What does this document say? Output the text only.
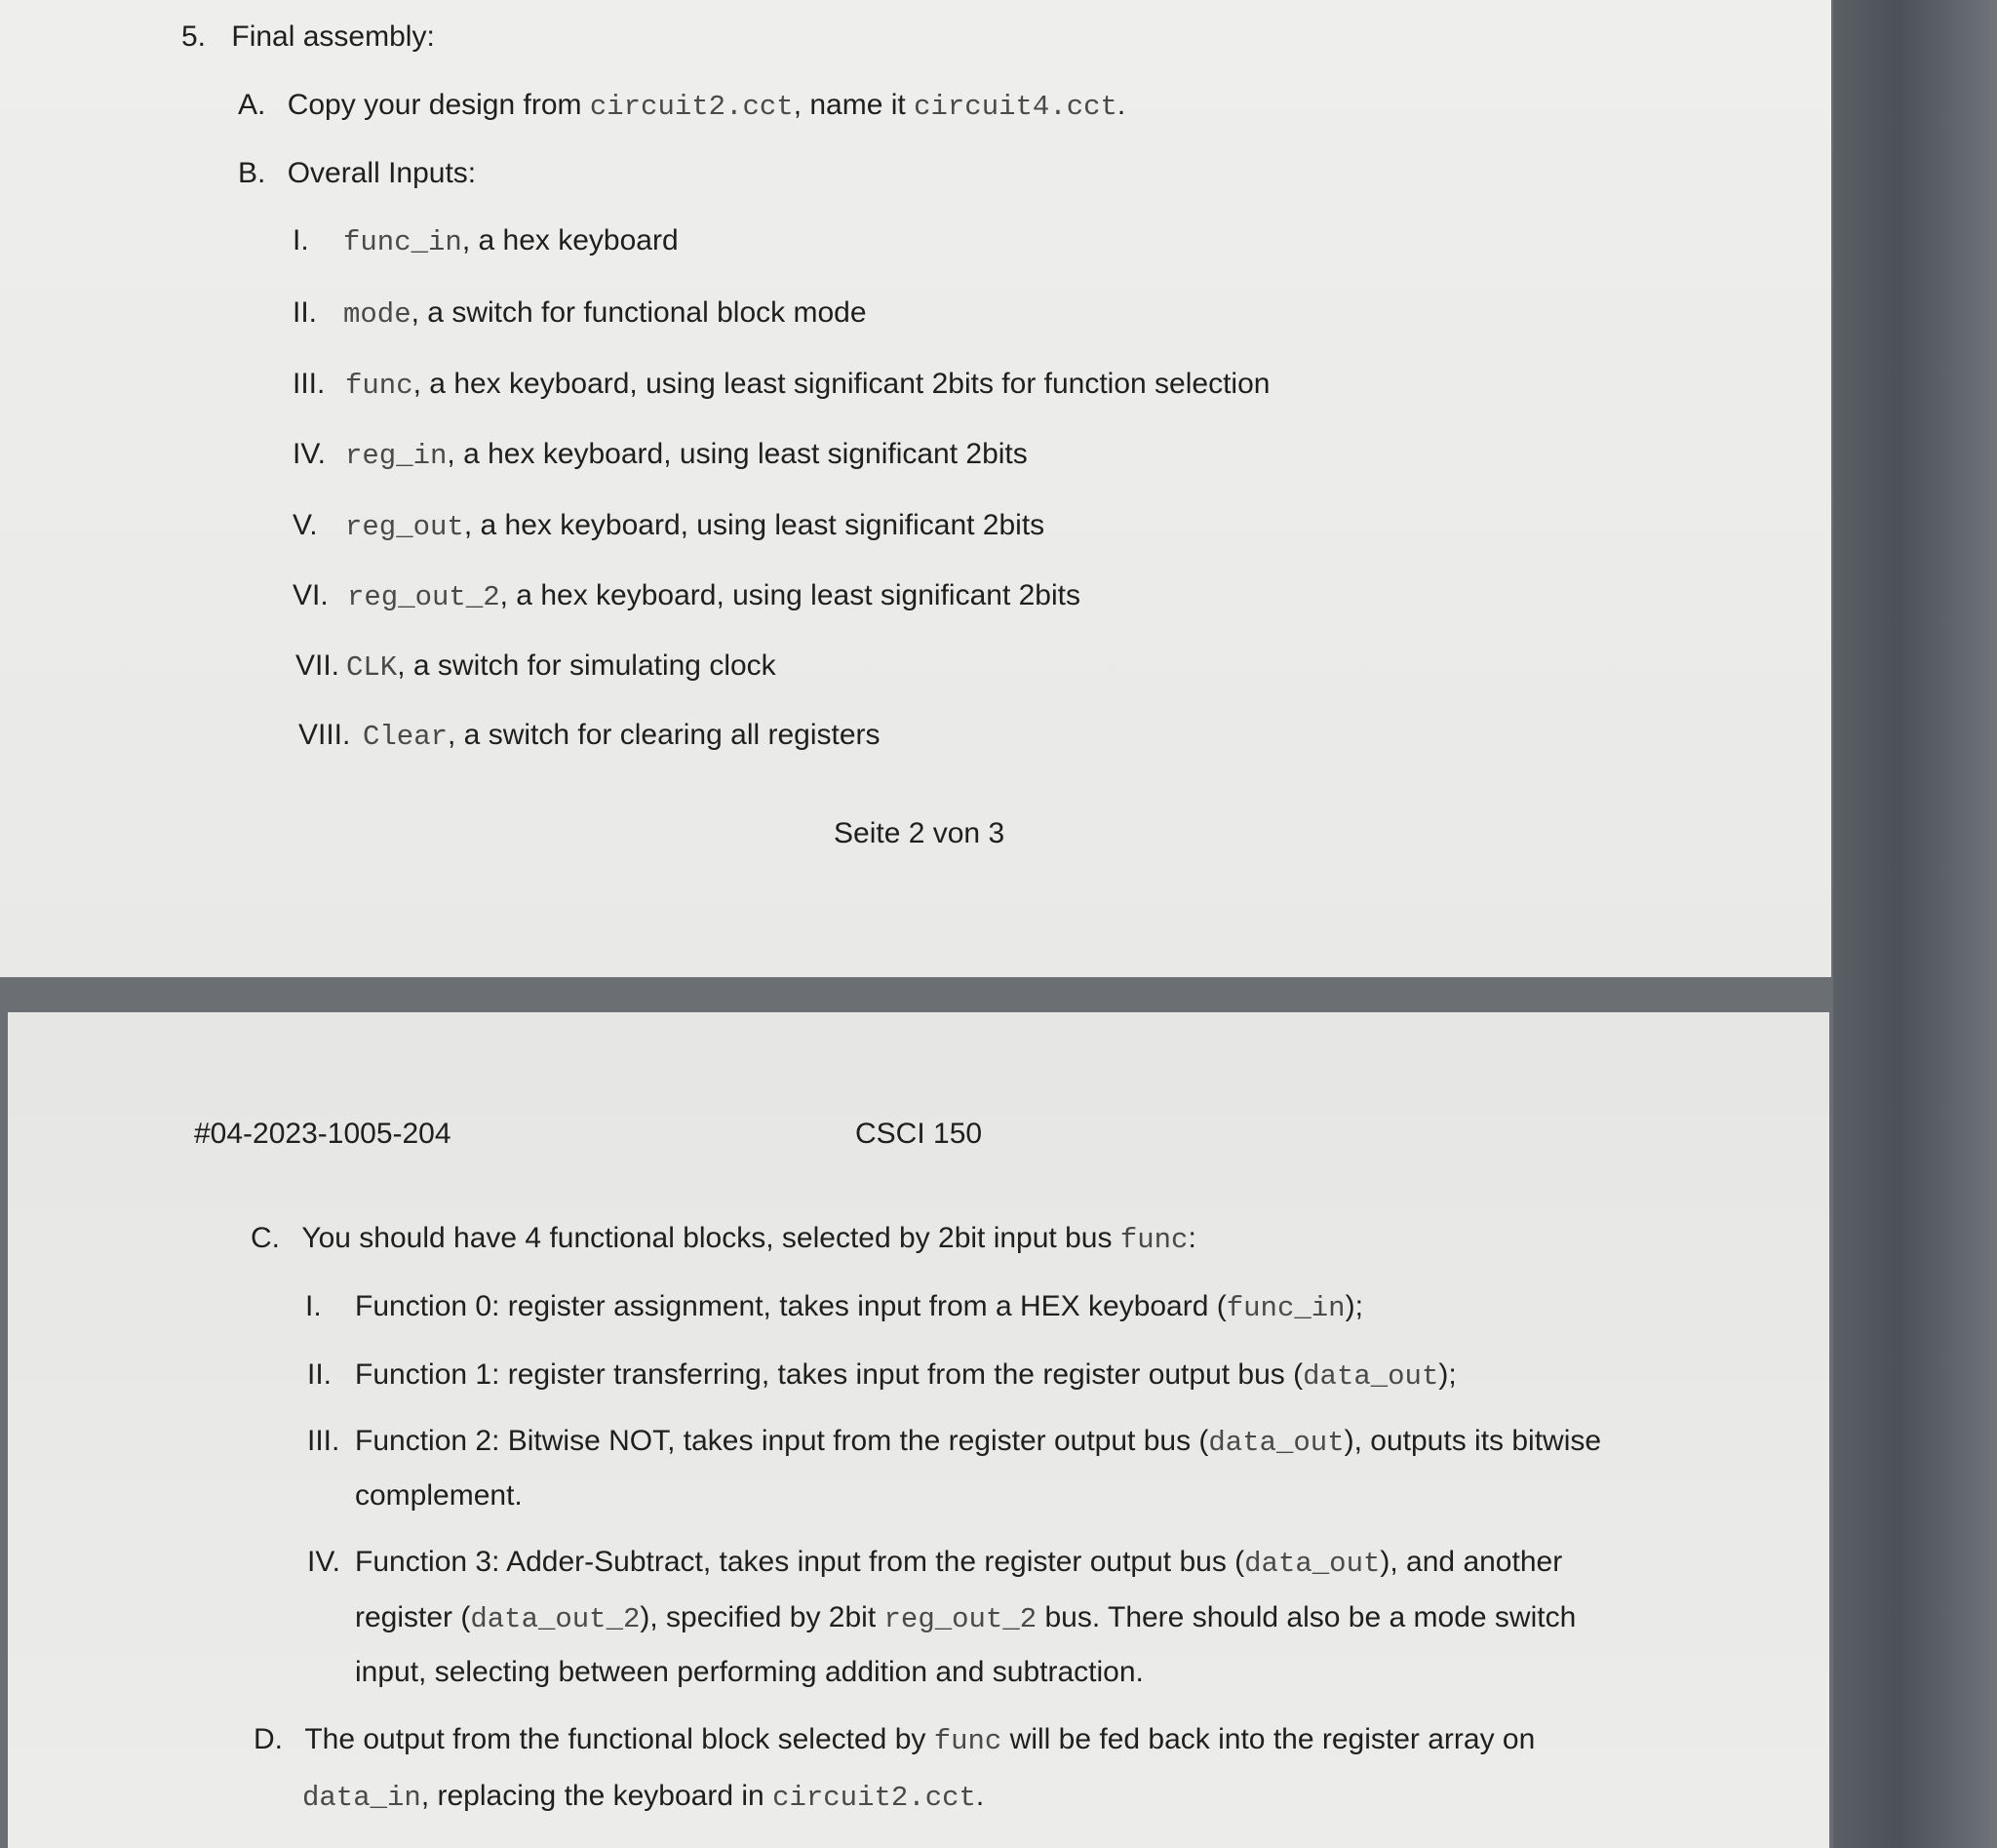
5. Final assembly:
A. Copy your design from circuit2.cct, name it circuit4.cct.
B. Overall Inputs:
I. func_in, a hex keyboard
II. mode, a switch for functional block mode
III. func, a hex keyboard, using least significant 2bits for function selection
IV. reg_in, a hex keyboard, using least significant 2bits
V. reg_out, a hex keyboard, using least significant 2bits
VI. reg_out_2, a hex keyboard, using least significant 2bits
VII. CLK, a switch for simulating clock
VIII. Clear, a switch for clearing all registers
Seite 2 von 3
#04-2023-1005-204	CSCI 150
C. You should have 4 functional blocks, selected by 2bit input bus func:
I. Function 0: register assignment, takes input from a HEX keyboard (func_in);
II. Function 1: register transferring, takes input from the register output bus (data_out);
III. Function 2: Bitwise NOT, takes input from the register output bus (data_out), outputs its bitwise
complement.
IV. Function 3: Adder-Subtract, takes input from the register output bus (data_out), and another
register (data_out_2), specified by 2bit reg_out_2 bus. There should also be a mode switch
input, selecting between performing addition and subtraction.
D. The output from the functional block selected by func will be fed back into the register array on
data_in, replacing the keyboard in circuit2.cct.
